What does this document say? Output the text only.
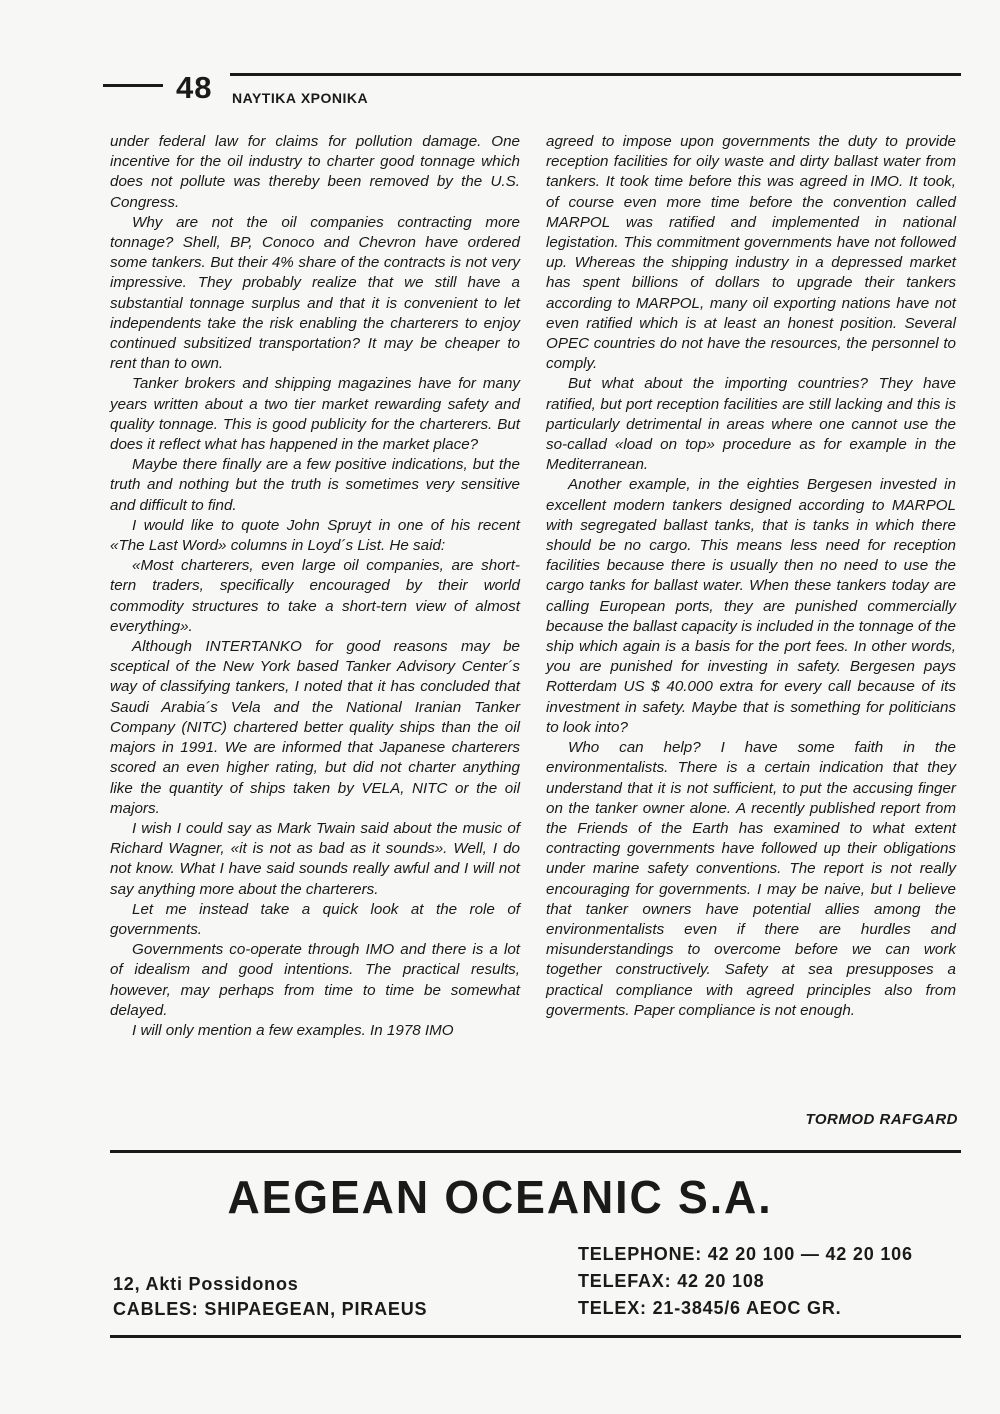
48 ΝΑΥΤΙΚΑ ΧΡΟΝΙΚΑ

under federal law for claims for pollution damage. One incentive for the oil industry to charter good tonnage which does not pollute was thereby been removed by the U.S. Congress.

Why are not the oil companies contracting more tonnage? Shell, BP, Conoco and Chevron have ordered some tankers. But their 4% share of the contracts is not very impressive. They probably realize that we still have a substantial tonnage surplus and that it is convenient to let independents take the risk enabling the charterers to enjoy continued subsitized transportation? It may be cheaper to rent than to own.

Tanker brokers and shipping magazines have for many years written about a two tier market rewarding safety and quality tonnage. This is good publicity for the charterers. But does it reflect what has happened in the market place?

Maybe there finally are a few positive indications, but the truth and nothing but the truth is sometimes very sensitive and difficult to find.

I would like to quote John Spruyt in one of his recent «The Last Word» columns in Loyd´s List. He said:

«Most charterers, even large oil companies, are short-tern traders, specifically encouraged by their world commodity structures to take a short-tern view of almost everything».

Although INTERTANKO for good reasons may be sceptical of the New York based Tanker Advisory Center´s way of classifying tankers, I noted that it has concluded that Saudi Arabia´s Vela and the National Iranian Tanker Company (NITC) chartered better quality ships than the oil majors in 1991. We are informed that Japanese charterers scored an even higher rating, but did not charter anything like the quantity of ships taken by VELA, NITC or the oil majors.

I wish I could say as Mark Twain said about the music of Richard Wagner, «it is not as bad as it sounds». Well, I do not know. What I have said sounds really awful and I will not say anything more about the charterers.

Let me instead take a quick look at the role of governments.

Governments co-operate through IMO and there is a lot of idealism and good intentions. The practical results, however, may perhaps from time to time be somewhat delayed.

I will only mention a few examples. In 1978 IMO

agreed to impose upon governments the duty to provide reception facilities for oily waste and dirty ballast water from tankers. It took time before this was agreed in IMO. It took, of course even more time before the convention called MARPOL was ratified and implemented in national legistation. This commitment governments have not followed up. Whereas the shipping industry in a depressed market has spent billions of dollars to upgrade their tankers according to MARPOL, many oil exporting nations have not even ratified which is at least an honest position. Several OPEC countries do not have the resources, the personnel to comply.

But what about the importing countries? They have ratified, but port reception facilities are still lacking and this is particularly detrimental in areas where one cannot use the so-callad «load on top» procedure as for example in the Mediterranean.

Another example, in the eighties Bergesen invested in excellent modern tankers designed according to MARPOL with segregated ballast tanks, that is tanks in which there should be no cargo. This means less need for reception facilities because there is usually then no need to use the cargo tanks for ballast water. When these tankers today are calling European ports, they are punished commercially because the ballast capacity is included in the tonnage of the ship which again is a basis for the port fees. In other words, you are punished for investing in safety. Bergesen pays Rotterdam US $ 40.000 extra for every call because of its investment in safety. Maybe that is something for politicians to look into?

Who can help? I have some faith in the environmentalists. There is a certain indication that they understand that it is not sufficient, to put the accusing finger on the tanker owner alone. A recently published report from the Friends of the Earth has examined to what extent contracting governments have followed up their obligations under marine safety conventions. The report is not really encouraging for governments. I may be naive, but I believe that tanker owners have potential allies among the environmentalists even if there are hurdles and misunderstandings to overcome before we can work together constructively. Safety at sea presupposes a practical compliance with agreed principles also from goverments. Paper compliance is not enough.

TORMOD RAFGARD
AEGEAN OCEANIC S.A.
TELEPHONE: 42 20 100 — 42 20 106
TELEFAX: 42 20 108
TELEX: 21-3845/6 AEOC GR.
12, Akti Possidonos
CABLES: SHIPAEGEAN, PIRAEUS
